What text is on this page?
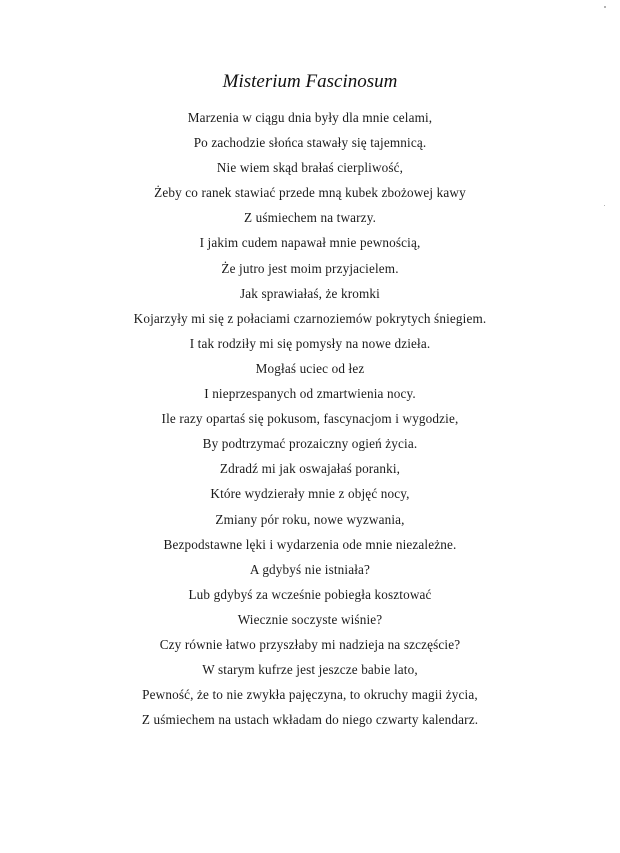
Misterium Fascinosum
Marzenia w ciągu dnia były dla mnie celami,
Po zachodzie słońca stawały się tajemnicą.
Nie wiem skąd brałaś cierpliwość,
Żeby co ranek stawiać przede mną kubek zbożowej kawy
Z uśmiechem na twarzy.
I jakim cudem napawał mnie pewnością,
Że jutro jest moim przyjacielem.
Jak sprawiałaś, że kromki
Kojarzyły mi się z połaciami czarnoziemów pokrytych śniegiem.
I tak rodziły mi się pomysły na nowe dzieła.
Mogłaś uciec od łez
I nieprzespanych od zmartwienia nocy.
Ile razy opartaś się pokusom, fascynacjom i wygodzie,
By podtrzymać prozaiczny ogień życia.
Zdradź mi jak oswajałaś poranki,
Które wydzierały mnie z objęć nocy,
Zmiany pór roku, nowe wyzwania,
Bezpodstawne lęki i wydarzenia ode mnie niezależne.
A gdybyś nie istniała?
Lub gdybyś za wcześnie pobiegła kosztować
Wiecznie soczyste wiśnie?
Czy równie łatwo przyszłaby mi nadzieja na szczęście?
W starym kufrze jest jeszcze babie lato,
Pewność, że to nie zwykła pajęczyna, to okruchy magii życia,
Z uśmiechem na ustach wkładam do niego czwarty kalendarz.
